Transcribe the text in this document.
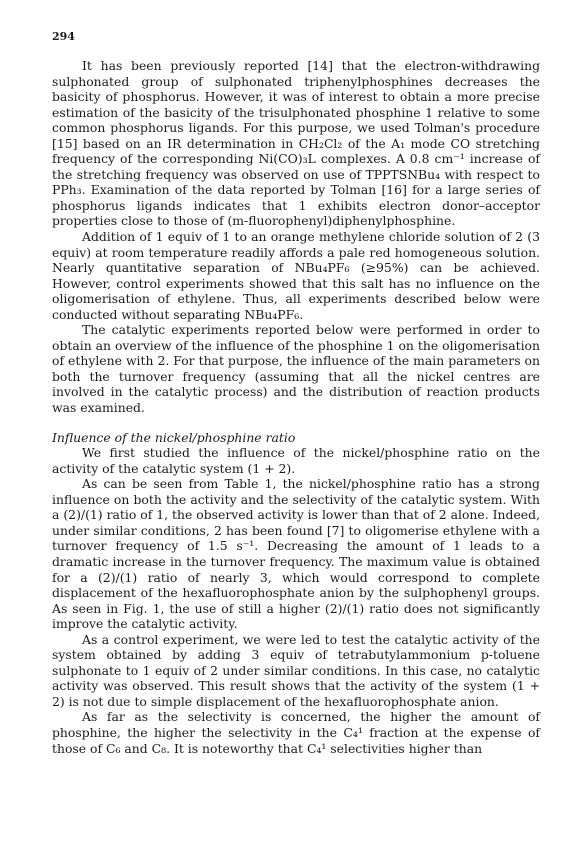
294

It has been previously reported [14] that the electron-withdrawing sulphonated group of sulphonated triphenylphosphines decreases the basicity of phosphorus. However, it was of interest to obtain a more precise estimation of the basicity of the trisulphonated phosphine 1 relative to some common phosphorus ligands. For this purpose, we used Tolman's procedure [15] based on an IR determination in CH₂Cl₂ of the A₁ mode CO stretching frequency of the corresponding Ni(CO)₃L complexes. A 0.8 cm⁻¹ increase of the stretching frequency was observed on use of TPPTSNBu₄ with respect to PPh₃. Examination of the data reported by Tolman [16] for a large series of phosphorus ligands indicates that 1 exhibits electron donor–acceptor properties close to those of (m-fluorophenyl)diphenylphosphine.

Addition of 1 equiv of 1 to an orange methylene chloride solution of 2 (3 equiv) at room temperature readily affords a pale red homogeneous solution. Nearly quantitative separation of NBu₄PF₆ (≥95%) can be achieved. However, control experiments showed that this salt has no influence on the oligomerisation of ethylene. Thus, all experiments described below were conducted without separating NBu₄PF₆.

The catalytic experiments reported below were performed in order to obtain an overview of the influence of the phosphine 1 on the oligomerisation of ethylene with 2. For that purpose, the influence of the main parameters on both the turnover frequency (assuming that all the nickel centres are involved in the catalytic process) and the distribution of reaction products was examined.

Influence of the nickel/phosphine ratio

We first studied the influence of the nickel/phosphine ratio on the activity of the catalytic system (1 + 2).

As can be seen from Table 1, the nickel/phosphine ratio has a strong influence on both the activity and the selectivity of the catalytic system. With a (2)/(1) ratio of 1, the observed activity is lower than that of 2 alone. Indeed, under similar conditions, 2 has been found [7] to oligomerise ethylene with a turnover frequency of 1.5 s⁻¹. Decreasing the amount of 1 leads to a dramatic increase in the turnover frequency. The maximum value is obtained for a (2)/(1) ratio of nearly 3, which would correspond to complete displacement of the hexafluorophosphate anion by the sulphophenyl groups. As seen in Fig. 1, the use of still a higher (2)/(1) ratio does not significantly improve the catalytic activity.

As a control experiment, we were led to test the catalytic activity of the system obtained by adding 3 equiv of tetrabutylammonium p-toluene sulphonate to 1 equiv of 2 under similar conditions. In this case, no catalytic activity was observed. This result shows that the activity of the system (1 + 2) is not due to simple displacement of the hexafluorophosphate anion.

As far as the selectivity is concerned, the higher the amount of phosphine, the higher the selectivity in the C₄¹ fraction at the expense of those of C₆ and C₈. It is noteworthy that C₄¹ selectivities higher than
